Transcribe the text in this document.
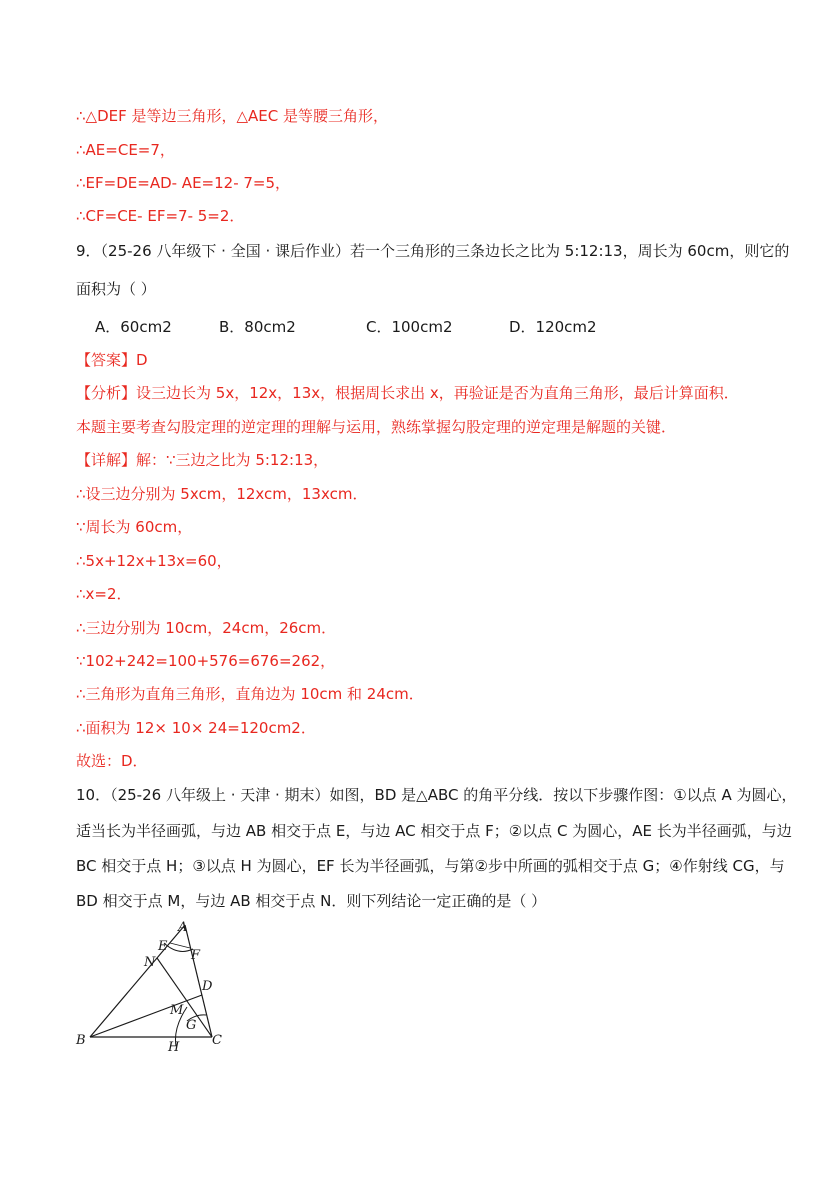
∴△DEF 是等边三角形，△AEC 是等腰三角形，
∴AE=CE=7，
∴EF=DE=AD- AE=12- 7=5，
∴CF=CE- EF=7- 5=2．
9．（25-26 八年级下 · 全国 · 课后作业）若一个三角形的三条边长之比为 5:12:13，周长为 60cm，则它的
面积为（ ）
A．60cm2	B．80cm2	C．100cm2	D．120cm2
【答案】D
【分析】设三边长为 5x，12x，13x，根据周长求出 x，再验证是否为直角三角形，最后计算面积．
本题主要考查勾股定理的逆定理的理解与运用，熟练掌握勾股定理的逆定理是解题的关键．
【详解】解：∵三边之比为 5:12:13，
∴设三边分别为 5xcm，12xcm，13xcm．
∵周长为 60cm，
∴5x+12x+13x=60，
∴x=2．
∴三边分别为 10cm，24cm，26cm．
∵102+242=100+576=676=262，
∴三角形为直角三角形，直角边为 10cm 和 24cm．
∴面积为 12× 10× 24=120cm2．
故选：D．
10．（25-26 八年级上 · 天津 · 期末）如图，BD 是△ABC 的角平分线．按以下步骤作图：①以点 A 为圆心，
适当长为半径画弧，与边 AB 相交于点 E，与边 AC 相交于点 F；②以点 C 为圆心，AE 长为半径画弧，与边
BC 相交于点 H；③以点 H 为圆心，EF 长为半径画弧，与第②步中所画的弧相交于点 G；④作射线 CG，与
BD 相交于点 M，与边 AB 相交于点 N．则下列结论一定正确的是（ ）
A
E
F
N
D
M
G
B	H	C
